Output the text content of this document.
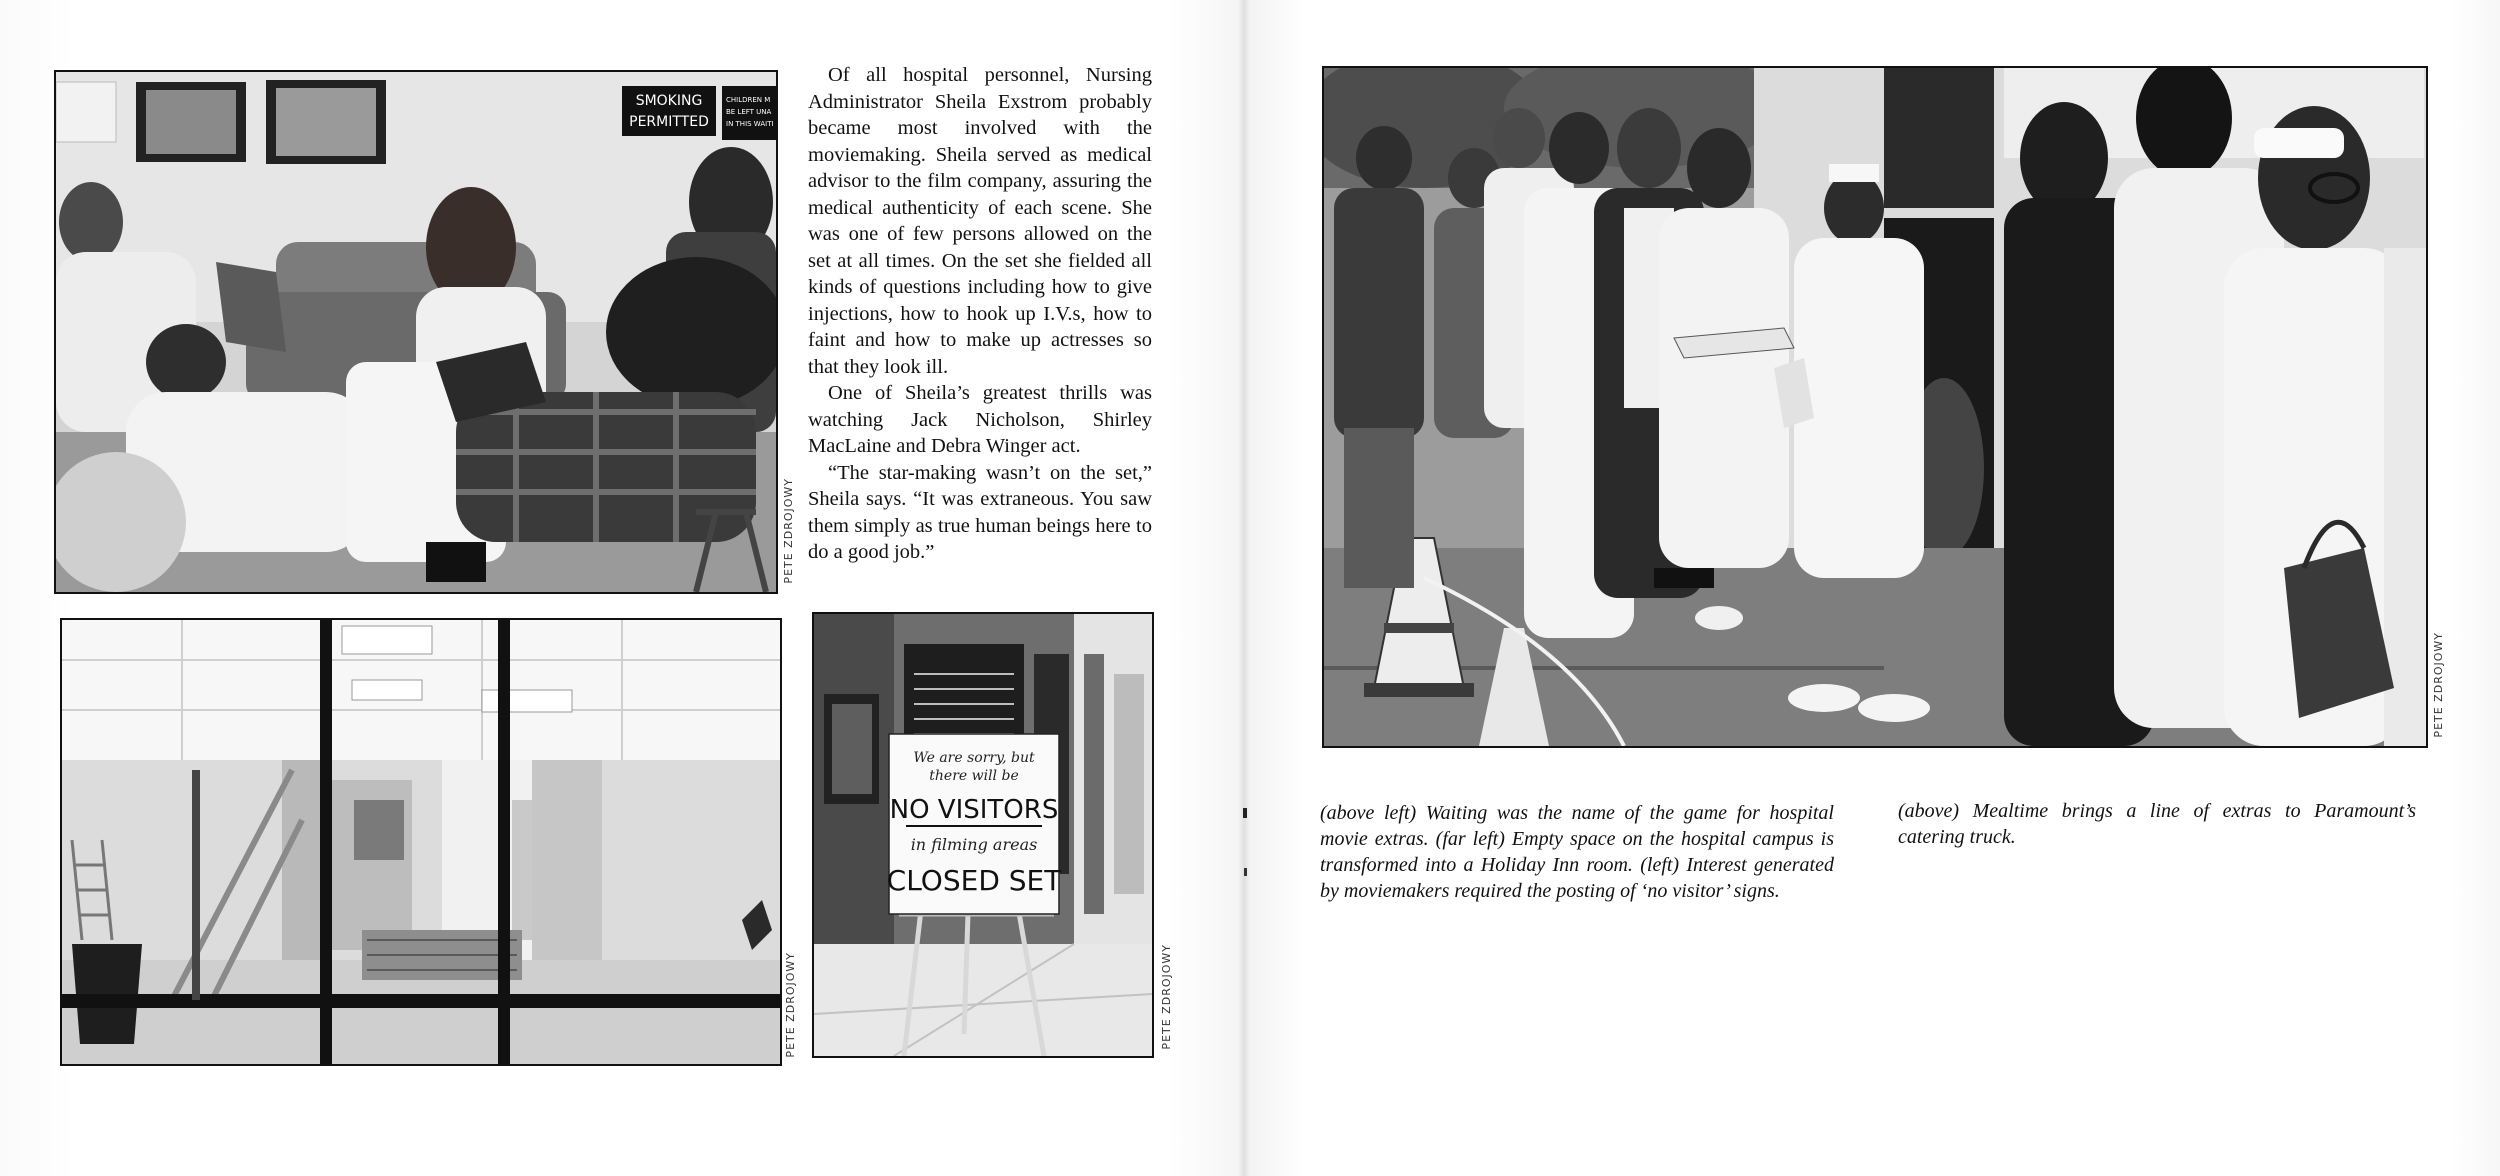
SMOKING
PERMITTED
CHILDREN M
BE LEFT UNA
IN THIS WAITI
PETE ZDROJOWY

Of all hospital personnel, Nursing Administrator Sheila Exstrom probably became most involved with the moviemaking. Sheila served as medical advisor to the film company, assuring the medical authenticity of each scene. She was one of few persons allowed on the set at all times. On the set she fielded all kinds of questions including how to give injections, how to hook up I.V.s, how to faint and how to make up actresses so that they look ill.

One of Sheila’s greatest thrills was watching Jack Nicholson, Shirley MacLaine and Debra Winger act.

“The star-making wasn’t on the set,” Sheila says. “It was extraneous. You saw them simply as true human beings here to do a good job.”

PETE ZDROJOWY
We are sorry, but
there will be
NO VISITORS
in filming areas
CLOSED SET
PETE ZDROJOWY
PETE ZDROJOWY
(above left) Waiting was the name of the game for hospital movie extras. (far left) Empty space on the hospital campus is transformed into a Holiday Inn room. (left) Interest generated by moviemakers required the posting of ‘no visitor’ signs.
(above) Mealtime brings a line of extras to Paramount’s catering truck.
